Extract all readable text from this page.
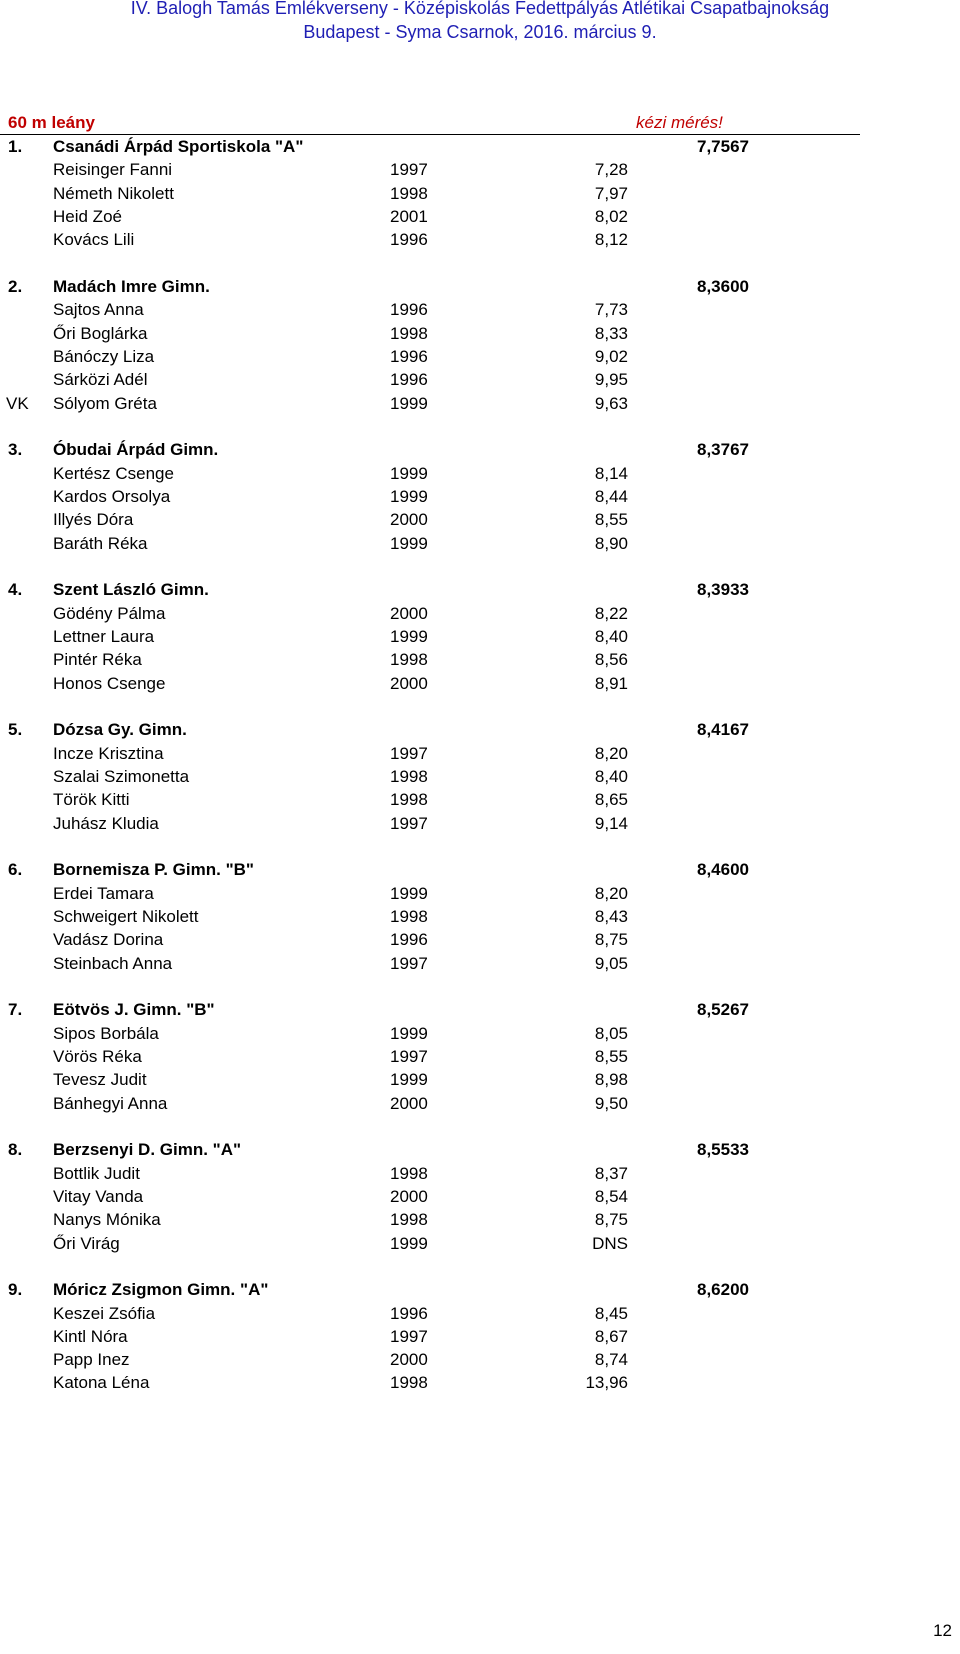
IV. Balogh Tamás Emlékverseny - Középiskolás Fedettpályás Atlétikai Csapatbajnokság
Budapest - Syma Csarnok, 2016. március 9.
60 m leány	kézi mérés!
1. Csanádi Árpád Sportiskola "A"	7,7567
Reisinger Fanni	1997	7,28
Németh Nikolett	1998	7,97
Heid Zoé	2001	8,02
Kovács Lili	1996	8,12
2. Madách Imre Gimn.	8,3600
Sajtos Anna	1996	7,73
Őri Boglárka	1998	8,33
Bánóczy Liza	1996	9,02
Sárközi Adél	1996	9,95
VK Sólyom Gréta	1999	9,63
3. Óbudai Árpád Gimn.	8,3767
Kertész Csenge	1999	8,14
Kardos Orsolya	1999	8,44
Illyés Dóra	2000	8,55
Baráth Réka	1999	8,90
4. Szent László Gimn.	8,3933
Gödény Pálma	2000	8,22
Lettner Laura	1999	8,40
Pintér Réka	1998	8,56
Honos Csenge	2000	8,91
5. Dózsa Gy. Gimn.	8,4167
Incze Krisztina	1997	8,20
Szalai Szimonetta	1998	8,40
Török Kitti	1998	8,65
Juhász Kludia	1997	9,14
6. Bornemisza P. Gimn. "B"	8,4600
Erdei Tamara	1999	8,20
Schweigert Nikolett	1998	8,43
Vadász Dorina	1996	8,75
Steinbach Anna	1997	9,05
7. Eötvös J. Gimn. "B"	8,5267
Sipos Borbála	1999	8,05
Vörös Réka	1997	8,55
Tevesz Judit	1999	8,98
Bánhegyi Anna	2000	9,50
8. Berzsenyi D. Gimn. "A"	8,5533
Bottlik Judit	1998	8,37
Vitay Vanda	2000	8,54
Nanys Mónika	1998	8,75
Őri Virág	1999	DNS
9. Móricz Zsigmon Gimn. "A"	8,6200
Keszei Zsófia	1996	8,45
Kintl Nóra	1997	8,67
Papp Inez	2000	8,74
Katona Léna	1998	13,96
12
